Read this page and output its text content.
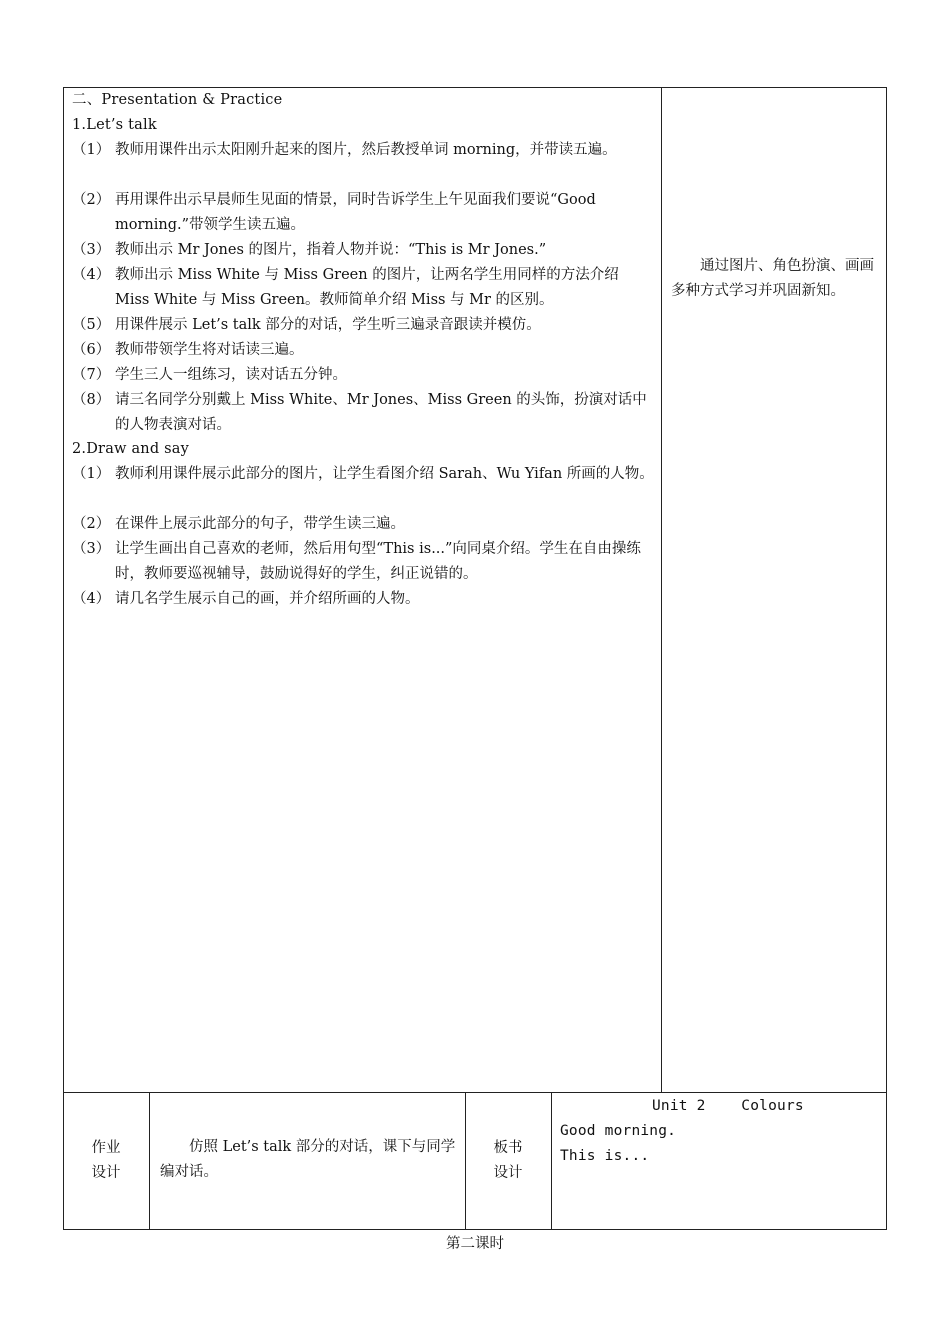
二、Presentation & Practice
1.Let’s talk
（1） 教师用课件出示太阳刚升起来的图片，然后教授单词 morning，并带读五遍。
（2） 再用课件出示早晨师生见面的情景，同时告诉学生上午见面我们要说“Good morning.”带领学生读五遍。
（3） 教师出示 Mr Jones 的图片，指着人物并说：“This is Mr Jones.”
（4） 教师出示 Miss White 与 Miss Green 的图片，让两名学生用同样的方法介绍 Miss White 与 Miss Green。教师简单介绍 Miss 与 Mr 的区别。
（5） 用课件展示 Let’s talk 部分的对话，学生听三遍录音跟读并模仿。
（6） 教师带领学生将对话读三遍。
（7） 学生三人一组练习，读对话五分钟。
（8） 请三名同学分别戴上 Miss White、Mr Jones、Miss Green 的头饰，扮演对话中的人物表演对话。
2.Draw and say
（1） 教师利用课件展示此部分的图片，让学生看图介绍 Sarah、Wu Yifan 所画的人物。
（2） 在课件上展示此部分的句子，带学生读三遍。
（3） 让学生画出自己喜欢的老师，然后用句型“This is...”向同桌介绍。学生在自由操练时，教师要巡视辅导，鼓励说得好的学生，纠正说错的。
（4） 请几名学生展示自己的画，并介绍所画的人物。
通过图片、角色扮演、画画多种方式学习并巩固新知。
作业
设计
仿照 Let’s talk 部分的对话，课下与同学编对话。
板书
设计
Unit 2    Colours
Good morning.
This is...
第二课时
